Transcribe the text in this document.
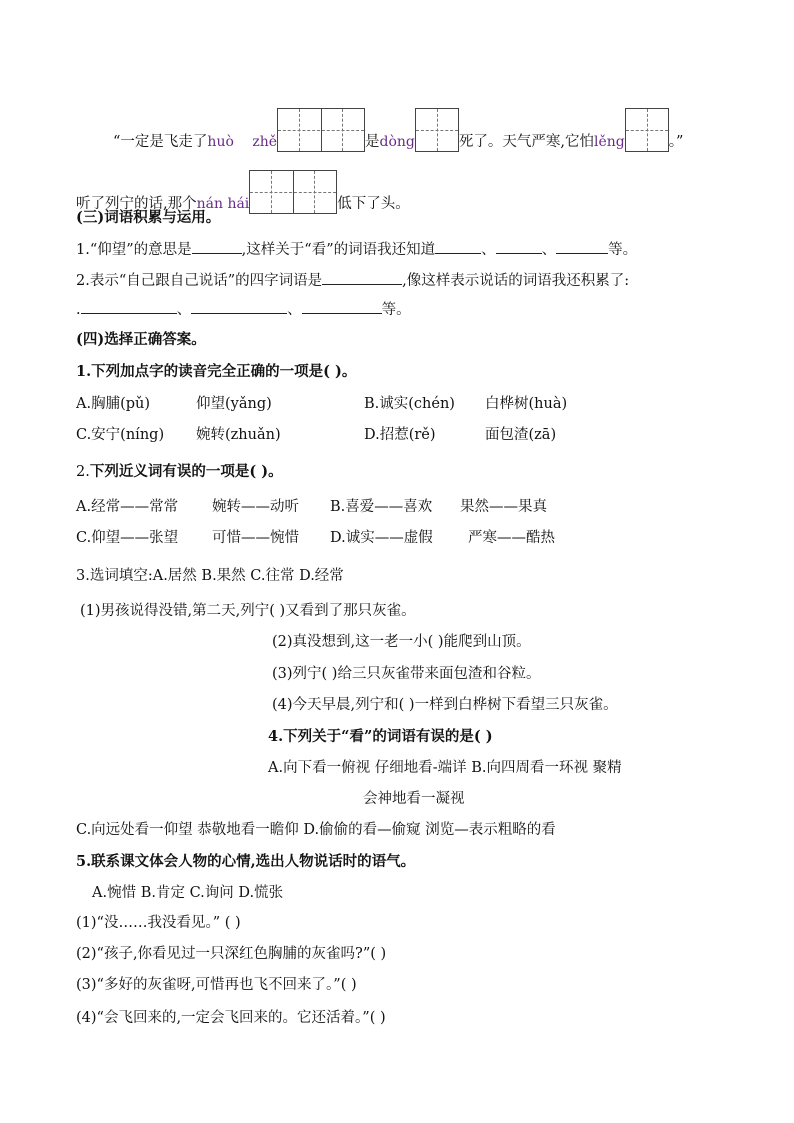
“一定是飞走了huò zhě	是dòng	死了。天气严寒,它怕lěng	。”
听了列宁的话,那个nán hái	低下了头。
(三)词语积累与运用。
1.“仰望”的意思是	,这样关于“看”的词语我还知道	、	、	等。
2.表示“自己跟自己说话”的四字词语是	,像这样表示说话的词语我还积累了:
.	、	、	等。
(四)选择正确答案。
1.下列加点字的读音完全正确的一项是( )。
A.胸脯(pǔ)	仰望(yǎng)	B.诚实(chén) 白桦树(huà)
C.安宁(níng) 婉转(zhuǎn)	D.招惹(rě)	面包渣(zā)
2.下列近义词有误的一项是( )。
A.经常——常常 婉转——动听 B.喜爱——喜欢 果然——果真
C.仰望——张望 可惜——惋惜 D.诚实——虚假 严寒——酷热
3.选词填空:A.居然 B.果然 C.往常 D.经常
(1)男孩说得没错,第二天,列宁( )又看到了那只灰雀。
(2)真没想到,这一老一小( )能爬到山顶。
(3)列宁( )给三只灰雀带来面包渣和谷粒。
(4)今天早晨,列宁和( )一样到白桦树下看望三只灰雀。
4.下列关于“看”的词语有误的是( )
A.向下看一俯视 仔细地看-端详 B.向四周看一环视 聚精
会神地看一凝视
C.向远处看一仰望 恭敬地看一瞻仰 D.偷偷的看—偷窥 浏览—表示粗略的看
5.联系课文体会人物的心情,选出人物说话时的语气。
A.惋惜 B.肯定 C.询问 D.慌张
(1)“没……我没看见。” ( )
(2)“孩子,你看见过一只深红色胸脯的灰雀吗?”( )
(3)“多好的灰雀呀,可惜再也飞不回来了。”( )
(4)“会飞回来的,一定会飞回来的。它还活着。”( )
